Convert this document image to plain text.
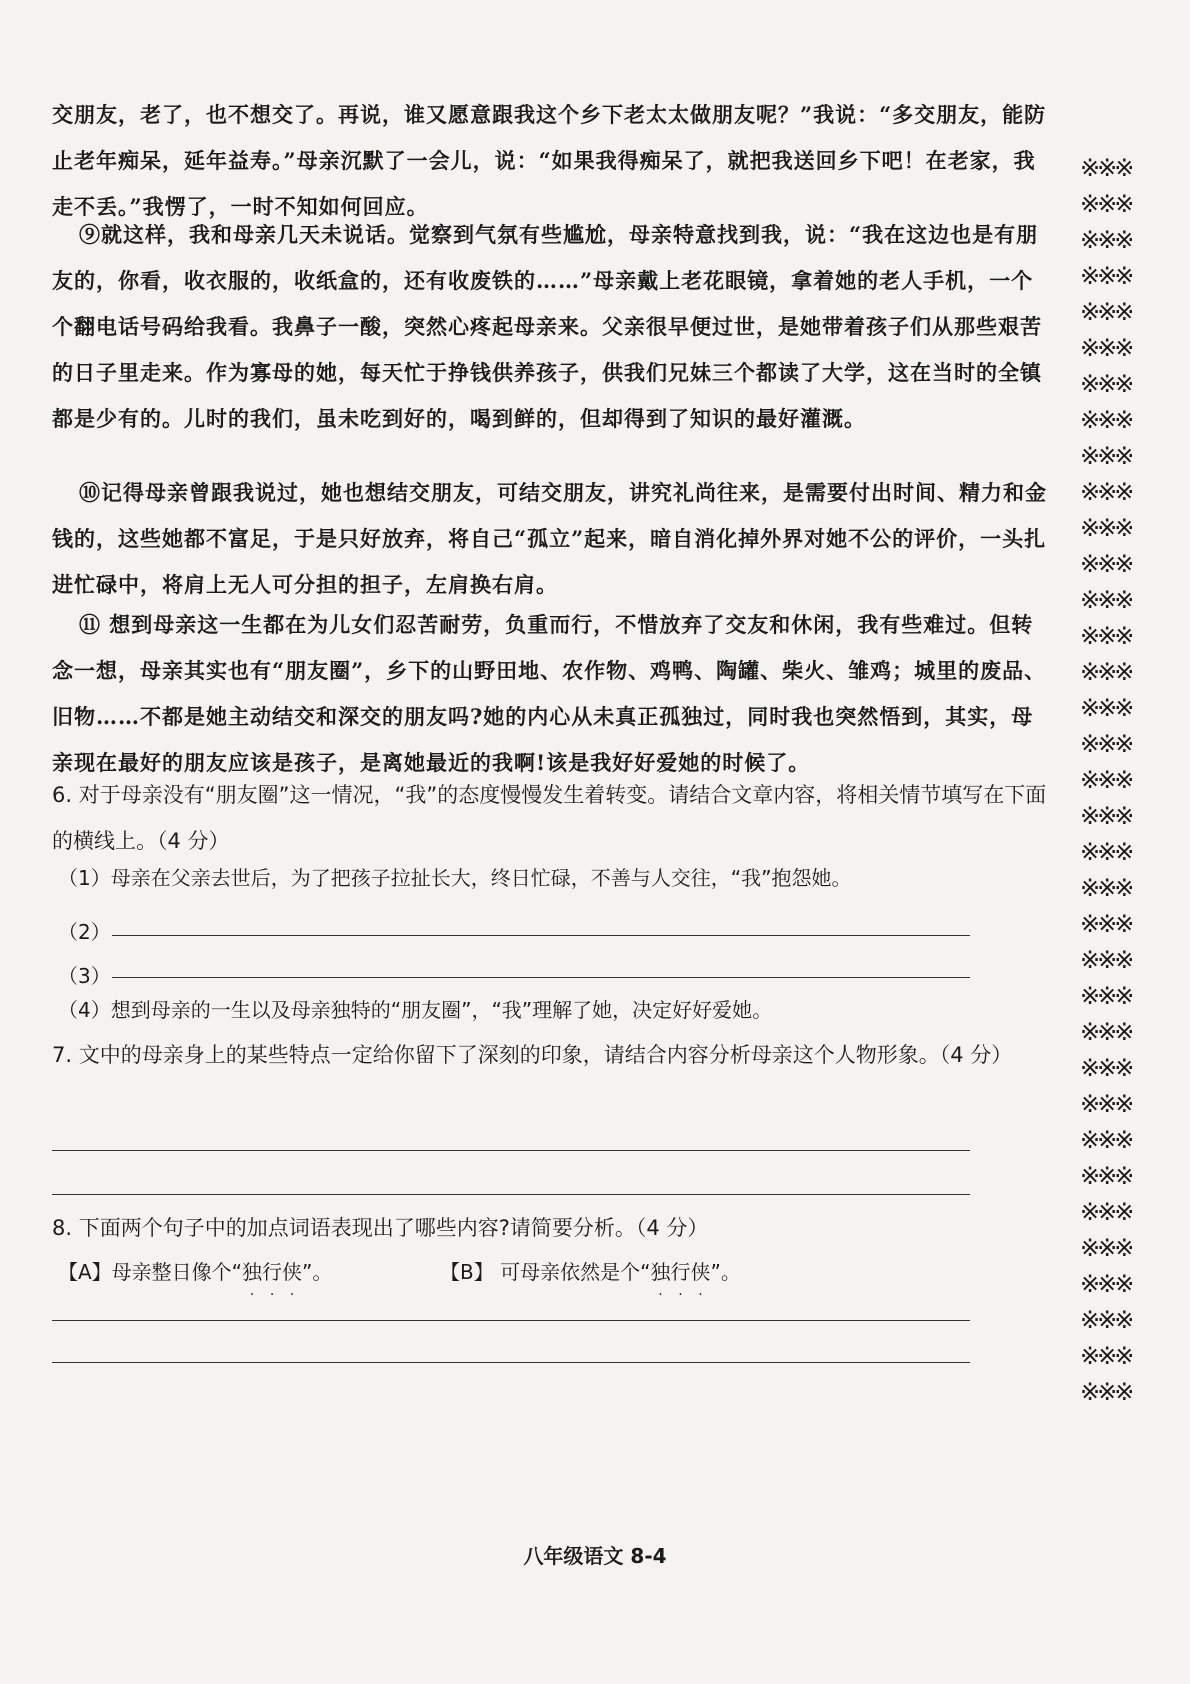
交朋友，老了，也不想交了。再说，谁又愿意跟我这个乡下老太太做朋友呢？”我说：“多交朋友，能防止老年痴呆，延年益寿。”母亲沉默了一会儿，说：“如果我得痴呆了，就把我送回乡下吧！在老家，我走不丢。”我愣了，一时不知如何回应。

⑨就这样，我和母亲几天未说话。觉察到气氛有些尴尬，母亲特意找到我，说：“我在这边也是有朋友的，你看，收衣服的，收纸盒的，还有收废铁的……”母亲戴上老花眼镜，拿着她的老人手机，一个个翻电话号码给我看。我鼻子一酸，突然心疼起母亲来。父亲很早便过世，是她带着孩子们从那些艰苦的日子里走来。作为寡母的她，每天忙于挣钱供养孩子，供我们兄妹三个都读了大学，这在当时的全镇都是少有的。儿时的我们，虽未吃到好的，喝到鲜的，但却得到了知识的最好灌溉。

⑩记得母亲曾跟我说过，她也想结交朋友，可结交朋友，讲究礼尚往来，是需要付出时间、精力和金钱的，这些她都不富足，于是只好放弃，将自己“孤立”起来，暗自消化掉外界对她不公的评价，一头扎进忙碌中，将肩上无人可分担的担子，左肩换右肩。

⑪ 想到母亲这一生都在为儿女们忍苦耐劳，负重而行，不惜放弃了交友和休闲，我有些难过。但转念一想，母亲其实也有“朋友圈”，乡下的山野田地、农作物、鸡鸭、陶罐、柴火、雏鸡；城里的废品、旧物……不都是她主动结交和深交的朋友吗?她的内心从未真正孤独过，同时我也突然悟到，其实，母亲现在最好的朋友应该是孩子，是离她最近的我啊!该是我好好爱她的时候了。

6. 对于母亲没有“朋友圈”这一情况，“我”的态度慢慢发生着转变。请结合文章内容，将相关情节填写在下面的横线上。（4 分）

（1）母亲在父亲去世后，为了把孩子拉扯长大，终日忙碌，不善与人交往，“我”抱怨她。

（2）
（3）

（4）想到母亲的一生以及母亲独特的“朋友圈”，“我”理解了她，决定好好爱她。

7. 文中的母亲身上的某些特点一定给你留下了深刻的印象，请结合内容分析母亲这个人物形象。（4 分）

8. 下面两个句子中的加点词语表现出了哪些内容?请简要分析。（4 分）

【A】母亲整日像个“独
·
行
·
侠
·
”。	【B】 可母亲依然是个“独
·
行
·
侠
·
”。
※※※
※※※
※※※
※※※
※※※
※※※
※※※
※※※
※※※
※※※
※※※
※※※
※※※
※※※
※※※
※※※
※※※
※※※
※※※
※※※
※※※
※※※
※※※
※※※
※※※
※※※
※※※
※※※
※※※
※※※
※※※
※※※
※※※
※※※
※※※
八年级语文 8-4
